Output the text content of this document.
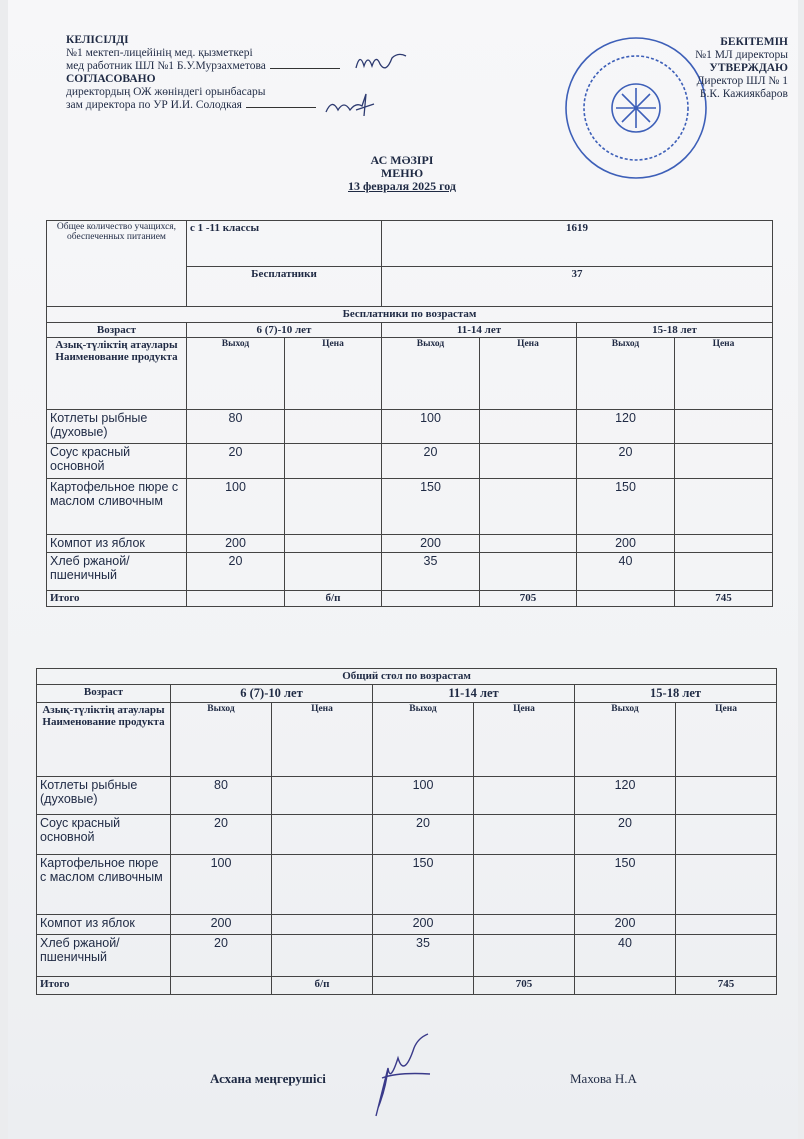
КЕЛІСІЛДІ
№1 мектеп-лицейінің мед. қызметкері
мед работник ШЛ №1 Б.У.Мурзахметова
СОГЛАСОВАНО
директордың ОЖ жөніндегі орынбасары
зам директора по УР И.И. Солодкая
БЕКІТЕМІН
№1 МЛ директоры
УТВЕРЖДАЮ
Директор ШЛ № 1
Б.К. Кажиякбаров
АС МӘЗІРІ
МЕНЮ
13 февраля 2025 год
Общее количество учащихся, обеспеченных питанием	с 1 -11 классы		1619			
	Бесплатники		37			
Бесплатники по возрастам						
Возраст	6 (7)-10 лет		11-14 лет		15-18 лет	
Азық-түліктің атаулары Наименование продукта	Выход	Цена	Выход	Цена	Выход	Цена
Котлеты рыбные (духовые)	80		100		120	
Соус красный основной	20		20		20	
Картофельное пюре с маслом сливочным	100		150		150	
Компот из яблок	200		200		200	
Хлеб ржаной/ пшеничный	20		35		40	
Итого		б/п		705		745
Общий стол по возрастам						
Возраст	6 (7)-10 лет		11-14 лет		15-18 лет	
Азық-түліктің атаулары Наименование продукта	Выход	Цена	Выход	Цена	Выход	Цена
Котлеты рыбные (духовые)	80		100		120	
Соус красный основной	20		20		20	
Картофельное пюре с маслом сливочным	100		150		150	
Компот из яблок	200		200		200	
Хлеб ржаной/ пшеничный	20		35		40	
Итого		б/п		705		745
Асхана меңгерушісі	Махова Н.А
